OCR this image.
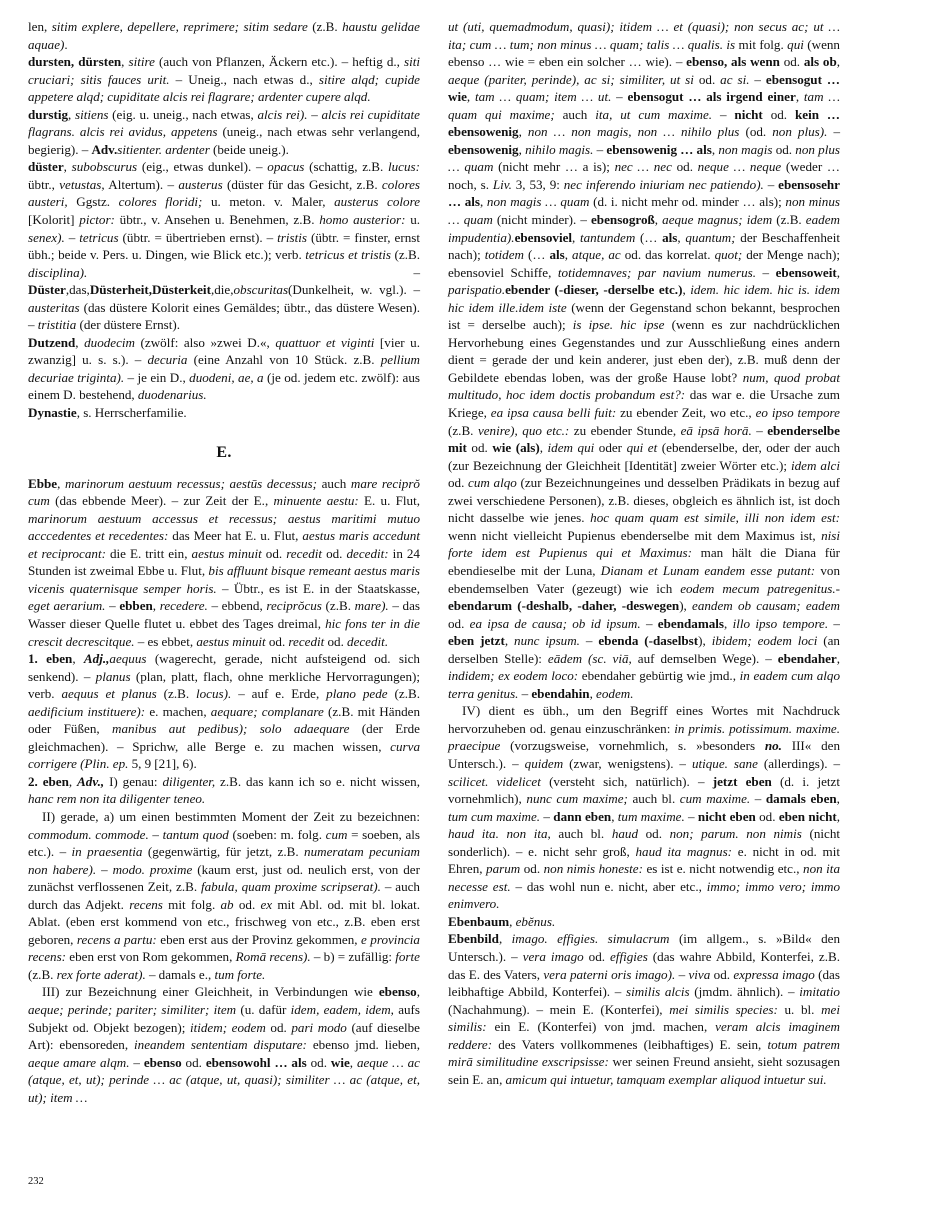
len, sitim explere, depellere, reprimere; sitim sedare (z.B. haustu gelidae aquae).

dursten, dürsten, sitire (auch von Pflanzen, Äckern etc.). – heftig d., siti cruciari; sitis fauces urit. – Uneig., nach etwas d., sitire alqd; cupide appetere alqd; cupiditate alcis rei flagrare; ardenter cupere alqd.

durstig, sitiens (eig. u. uneig., nach etwas, alcis rei). – alcis rei cupiditate flagrans. alcis rei avidus, appetens (uneig., nach etwas sehr verlangend, begierig). – Adv.sitienter. ardenter (beide uneig.).

düster, subobscurus (eig., etwas dunkel). – opacus (schattig, z.B. lucus: übtr., vetustas, Altertum). – austerus (düster für das Gesicht, z.B. colores austeri, Ggstz. colores floridi; u. meton. v. Maler, austerus colore [Kolorit] pictor: übtr., v. Ansehen u. Benehmen, z.B. homo austerior: u. senex). – tetricus (übtr. = übertrieben ernst). – tristis (übtr. = finster, ernst übh.; beide v. Pers. u. Dingen, wie Blick etc.); verb. tetricus et tristis (z.B. disciplina). – Düster,das,Düsterheit,Düsterkeit,die,obscuritas(Dunkelheit, w. vgl.). – austeritas (das düstere Kolorit eines Gemäldes; übtr., das düstere Wesen). – tristitia (der düstere Ernst).

Dutzend, duodecim (zwölf: also »zwei D.«, quattuor et viginti [vier u. zwanzig] u. s. s.). – decuria (eine Anzahl von 10 Stück. z.B. pellium decuriae triginta). – je ein D., duodeni, ae, a (je od. jedem etc. zwölf): aus einem D. bestehend, duodenarius.

Dynastie, s. Herrscherfamilie.

E.

Ebbe, marinorum aestuum recessus; aestūs decessus; auch mare reciprŏ cum (das ebbende Meer). – zur Zeit der E., minuente aestu: E. u. Flut, marinorum aestuum accessus et recessus; aestus maritimi mutuo acccedentes et recedentes: das Meer hat E. u. Flut, aestus maris accedunt et reciprocant: die E. tritt ein, aestus minuit od. recedit od. decedit: in 24 Stunden ist zweimal Ebbe u. Flut, bis affluunt bisque remeant aestus maris vicenis quaternisque semper horis. – Übtr., es ist E. in der Staatskasse, eget aerarium. – ebben, recedere. – ebbend, reciprŏcus (z.B. mare). – das Wasser dieser Quelle flutet u. ebbet des Tages dreimal, hic fons ter in die crescit decrescitque. – es ebbet, aestus minuit od. recedit od. decedit.

1. eben, Adj.,aequus (wagerecht, gerade, nicht aufsteigend od. sich senkend). – planus (plan, platt, flach, ohne merkliche Hervorragungen); verb. aequus et planus (z.B. locus). – auf e. Erde, plano pede (z.B. aedificium instituere): e. machen, aequare; complanare (z.B. mit Händen oder Füßen, manibus aut pedibus); solo adaequare (der Erde gleichmachen). – Sprichw, alle Berge e. zu machen wissen, curva corrigere (Plin. ep. 5, 9 [21], 6).

2. eben, Adv., I) genau: diligenter, z.B. das kann ich so e. nicht wissen, hanc rem non ita diligenter teneo.

II) gerade, a) um einen bestimmten Moment der Zeit zu bezeichnen: commodum. commode. – tantum quod (soeben: m. folg. cum = soeben, als etc.). – in praesentia (gegenwärtig, für jetzt, z.B. numeratam pecuniam non habere). – modo. proxime (kaum erst, just od. neulich erst, von der zunächst verflossenen Zeit, z.B. fabula, quam proxime scripserat). – auch durch das Adjekt. recens mit folg. ab od. ex mit Abl. od. mit bl. lokat. Ablat. (eben erst kommend von etc., frischweg von etc., z.B. eben erst geboren, recens a partu: eben erst aus der Provinz gekommen, e provincia recens: eben erst von Rom gekommen, Romā recens). – b) = zufällig: forte (z.B. rex forte aderat). – damals e., tum forte.

III) zur Bezeichnung einer Gleichheit, in Verbindungen wie ebenso, aeque; perinde; pariter; similiter; item (u. dafür idem, eadem, idem, aufs Subjekt od. Objekt bezogen); itidem; eodem od. pari modo (auf dieselbe Art): ebensoreden, ineandem sententiam disputare: ebenso jmd. lieben, aeque amare alqm. – ebenso od. ebensowohl … als od. wie, aeque … ac (atque, et, ut); perinde … ac (atque, ut, quasi); similiter … ac (atque, et, ut); item …

ut (uti, quemadmodum, quasi); itidem … et (quasi); non secus ac; ut … ita; cum … tum; non minus … quam; talis … qualis. is mit folg. qui (wenn ebenso … wie = eben ein solcher … wie). – ebenso, als wenn od. als ob, aeque (pariter, perinde), ac si; similiter, ut si od. ac si. – ebensogut … wie, tam … quam; item … ut. – ebensogut … als irgend einer, tam … quam qui maxime; auch ita, ut cum maxime. – nicht od. kein … ebensowenig, non … non magis, non … nihilo plus (od. non plus). – ebensowenig, nihilo magis. – ebensowenig … als, non magis od. non plus … quam (nicht mehr … a is); nec … nec od. neque … neque (weder … noch, s. Liv. 3, 53, 9: nec inferendo iniuriam nec patiendo). – ebensosehr … als, non magis … quam (d. i. nicht mehr od. minder … als); non minus … quam (nicht minder). – ebensogroß, aeque magnus; idem (z.B. eadem impudentia).ebensoviel, tantundem (… als, quantum; der Beschaffenheit nach); totidem (… als, atque, ac od. das korrelat. quot; der Menge nach); ebensoviel Schiffe, totidemnaves; par navium numerus. – ebensoweit, parispatio.ebender (-dieser, -derselbe etc.), idem. hic idem. hic is. idem hic idem ille.idem iste (wenn der Gegenstand schon bekannt, besprochen ist = derselbe auch); is ipse. hic ipse (wenn es zur nachdrücklichen Hervorhebung eines Gegenstandes und zur Ausschließung eines andern dient = gerade der und kein anderer, just eben der), z.B. muß denn der Gebildete ebendas loben, was der große Hause lobt? num, quod probat multitudo, hoc idem doctis probandum est?: das war e. die Ursache zum Kriege, ea ipsa causa belli fuit: zu ebender Zeit, wo etc., eo ipso tempore (z.B. venire), quo etc.: zu ebender Stunde, eā ipsā horā. – ebenderselbe mit od. wie (als), idem qui oder qui et (ebenderselbe, der, oder der auch (zur Bezeichnung der Gleichheit [Identität] zweier Wörter etc.); idem alci od. cum alqo (zur Bezeichnungeines und desselben Prädikats in bezug auf zwei verschiedene Personen), z.B. dieses, obgleich es ähnlich ist, ist doch nicht dasselbe wie jenes. hoc quam quam est simile, illi non idem est: wenn nicht vielleicht Pupienus ebenderselbe mit dem Maximus ist, nisi forte idem est Pupienus qui et Maximus: man hält die Diana für ebendieselbe mit der Luna, Dianam et Lunam eandem esse putant: von ebendemselben Vater (gezeugt) wie ich eodem mecum patregenitus.-ebendarum (-deshalb, -daher, -deswegen), eandem ob causam; eadem od. ea ipsa de causa; ob id ipsum. – ebendamals, illo ipso tempore. – eben jetzt, nunc ipsum. – ebenda (-daselbst), ibidem; eodem loci (an derselben Stelle): eādem (sc. viā, auf demselben Wege). – ebendaher, indidem; ex eodem loco: ebendaher gebürtig wie jmd., in eadem cum alqo terra genitus. – ebendahin, eodem.

IV) dient es übh., um den Begriff eines Wortes mit Nachdruck hervorzuheben od. genau einzuschränken: in primis. potissimum. maxime. praecipue (vorzugsweise, vornehmlich, s. »besonders no. III« den Untersch.). – quidem (zwar, wenigstens). – utique. sane (allerdings). – scilicet. videlicet (versteht sich, natürlich). – jetzt eben (d. i. jetzt vornehmlich), nunc cum maxime; auch bl. cum maxime. – damals eben, tum cum maxime. – dann eben, tum maxime. – nicht eben od. eben nicht, haud ita. non ita, auch bl. haud od. non; parum. non nimis (nicht sonderlich). – e. nicht sehr groß, haud ita magnus: e. nicht in od. mit Ehren, parum od. non nimis honeste: es ist e. nicht notwendig etc., non ita necesse est. – das wohl nun e. nicht, aber etc., immo; immo vero; immo enimvero.

Ebenbaum, ebĕnus.

Ebenbild, imago. effigies. simulacrum (im allgem., s. »Bild« den Untersch.). – vera imago od. effigies (das wahre Abbild, Konterfei, z.B. das E. des Vaters, vera paterni oris imago). – viva od. expressa imago (das leibhaftige Abbild, Konterfei). – similis alcis (jmdm. ähnlich). – imitatio (Nachahmung). – mein E. (Konterfei), mei similis species: u. bl. mei similis: ein E. (Konterfei) von jmd. machen, veram alcis imaginem reddere: des Vaters vollkommenes (leibhaftiges) E. sein, totum patrem mirā similitudine exscripsisse: wer seinen Freund ansieht, sieht sozusagen sein E. an, amicum qui intuetur, tamquam exemplar aliquod intuetur sui.

232
